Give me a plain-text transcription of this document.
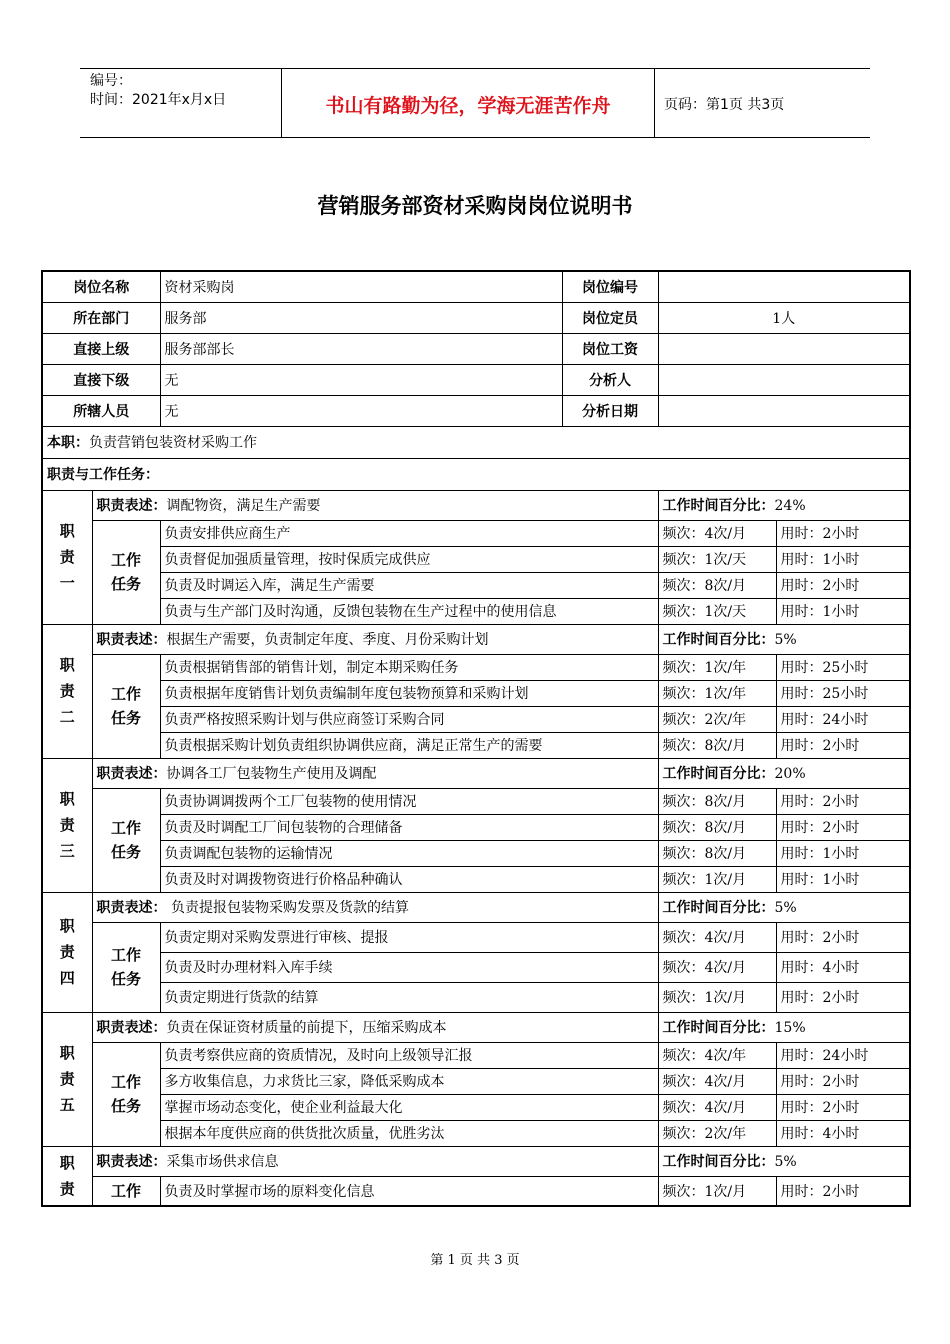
编号：
时间：2021年x月x日	书山有路勤为径，学海无涯苦作舟	页码：第1页 共3页
营销服务部资材采购岗岗位说明书
岗位名称		资材采购岗	岗位编号		
所在部门		服务部	岗位定员	1人	
直接上级		服务部部长	岗位工资		
直接下级		无	分析人		
所辖人员		无	分析日期		
本职：负责营销包装资材采购工作					
职责与工作任务：					

职
责
一	职责表述：调配物资，满足生产需要			工作时间百分比：24%	

	工作
任务	负责安排供应商生产		频次：4次/月	用时：2小时
		负责督促加强质量管理，按时保质完成供应		频次：1次/天	用时：1小时
		负责及时调运入库，满足生产需要		频次：8次/月	用时：2小时
		负责与生产部门及时沟通，反馈包装物在生产过程中的使用信息		频次：1次/天	用时：1小时

职
责
二	职责表述：根据生产需要，负责制定年度、季度、月份采购计划			工作时间百分比：5%	

	工作
任务	负责根据销售部的销售计划，制定本期采购任务		频次：1次/年	用时：25小时
		负责根据年度销售计划负责编制年度包装物预算和采购计划		频次：1次/年	用时：25小时
		负责严格按照采购计划与供应商签订采购合同		频次：2次/年	用时：24小时
		负责根据采购计划负责组织协调供应商，满足正常生产的需要		频次：8次/月	用时：2小时

职
责
三	职责表述：协调各工厂包装物生产使用及调配			工作时间百分比：20%	

	工作
任务	负责协调调拨两个工厂包装物的使用情况		频次：8次/月	用时：2小时
		负责及时调配工厂间包装物的合理储备		频次：8次/月	用时：2小时
		负责调配包装物的运输情况		频次：8次/月	用时：1小时
		负责及时对调拨物资进行价格品种确认		频次：1次/月	用时：1小时

职
责
四	职责表述： 负责提报包装物采购发票及货款的结算			工作时间百分比：5%	

	工作
任务	负责定期对采购发票进行审核、提报		频次：4次/月	用时：2小时
		负责及时办理材料入库手续		频次：4次/月	用时：4小时
		负责定期进行货款的结算		频次：1次/月	用时：2小时

职
责
五	职责表述：负责在保证资材质量的前提下，压缩采购成本			工作时间百分比：15%	

	工作
任务	负责考察供应商的资质情况，及时向上级领导汇报		频次：4次/年	用时：24小时
		多方收集信息，力求货比三家，降低采购成本		频次：4次/月	用时：2小时
		掌握市场动态变化，使企业利益最大化		频次：4次/月	用时：2小时
		根据本年度供应商的供货批次质量，优胜劣汰		频次：2次/年	用时：4小时

职
责	职责表述：采集市场供求信息			工作时间百分比：5%	

	工作	负责及时掌握市场的原料变化信息		频次：1次/月	用时：2小时
第 1 页 共 3 页
